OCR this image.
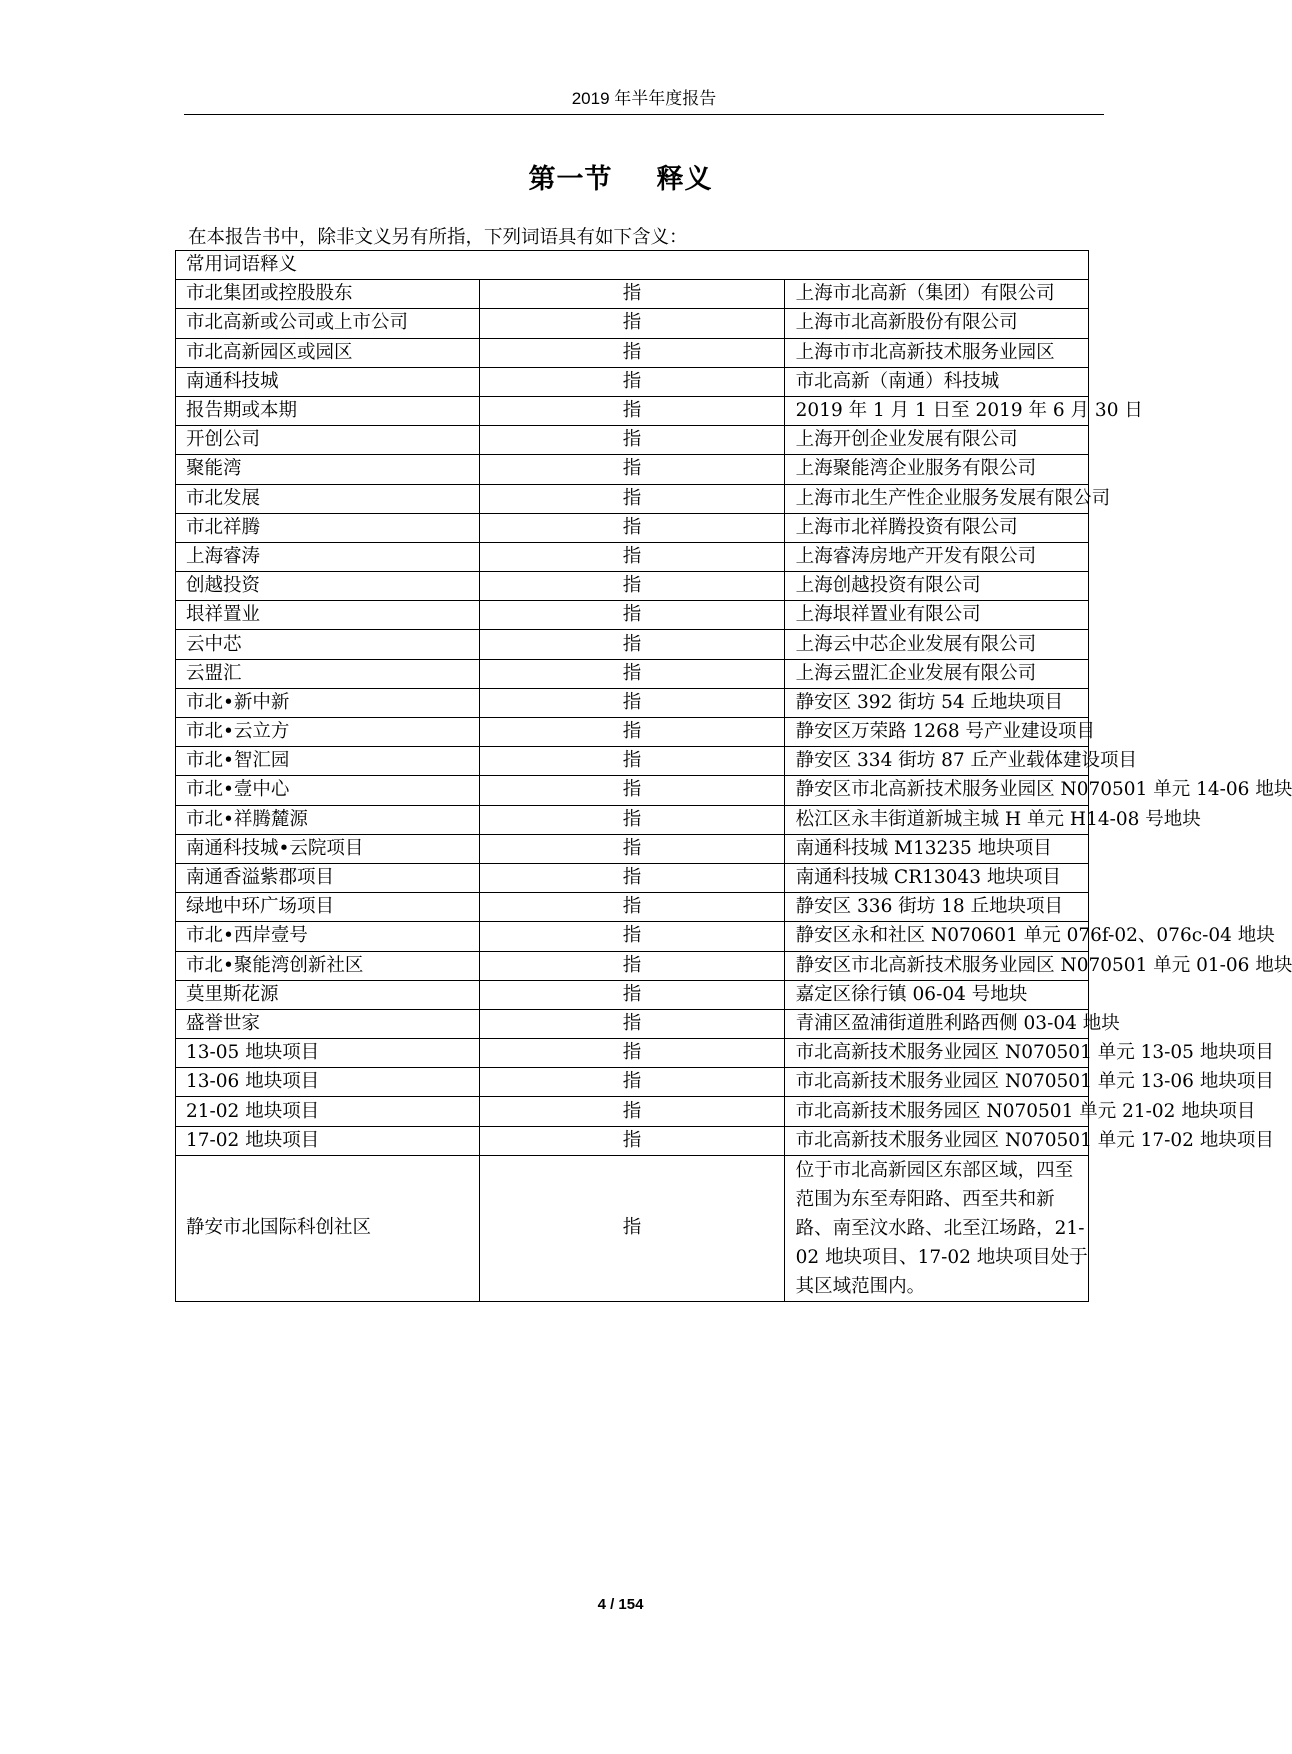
2019 年半年度报告
第一节 释义
在本报告书中，除非文义另有所指，下列词语具有如下含义：
常用词语释义		
市北集团或控股股东	指	上海市北高新（集团）有限公司
市北高新或公司或上市公司	指	上海市北高新股份有限公司
市北高新园区或园区	指	上海市市北高新技术服务业园区
南通科技城	指	市北高新（南通）科技城
报告期或本期	指	2019 年 1 月 1 日至 2019 年 6 月 30 日
开创公司	指	上海开创企业发展有限公司
聚能湾	指	上海聚能湾企业服务有限公司
市北发展	指	上海市北生产性企业服务发展有限公司
市北祥腾	指	上海市北祥腾投资有限公司
上海睿涛	指	上海睿涛房地产开发有限公司
创越投资	指	上海创越投资有限公司
垠祥置业	指	上海垠祥置业有限公司
云中芯	指	上海云中芯企业发展有限公司
云盟汇	指	上海云盟汇企业发展有限公司
市北•新中新	指	静安区 392 街坊 54 丘地块项目
市北•云立方	指	静安区万荣路 1268 号产业建设项目
市北•智汇园	指	静安区 334 街坊 87 丘产业载体建设项目
市北•壹中心	指	静安区市北高新技术服务业园区 N070501 单元 14-06 地块
市北•祥腾麓源	指	松江区永丰街道新城主城 H 单元 H14-08 号地块
南通科技城•云院项目	指	南通科技城 M13235 地块项目
南通香溢紫郡项目	指	南通科技城 CR13043 地块项目
绿地中环广场项目	指	静安区 336 街坊 18 丘地块项目
市北•西岸壹号	指	静安区永和社区 N070601 单元 076f-02、076c-04 地块
市北•聚能湾创新社区	指	静安区市北高新技术服务业园区 N070501 单元 01-06 地块
莫里斯花源	指	嘉定区徐行镇 06-04 号地块
盛誉世家	指	青浦区盈浦街道胜利路西侧 03-04 地块
13-05 地块项目	指	市北高新技术服务业园区 N070501 单元 13-05 地块项目
13-06 地块项目	指	市北高新技术服务业园区 N070501 单元 13-06 地块项目
21-02 地块项目	指	市北高新技术服务园区 N070501 单元 21-02 地块项目
17-02 地块项目	指	市北高新技术服务业园区 N070501 单元 17-02 地块项目
静安市北国际科创社区	指	位于市北高新园区东部区域，四至范围为东至寿阳路、西至共和新路、南至汶水路、北至江场路，21-02 地块项目、17-02 地块项目处于其区域范围内。
4 / 154
